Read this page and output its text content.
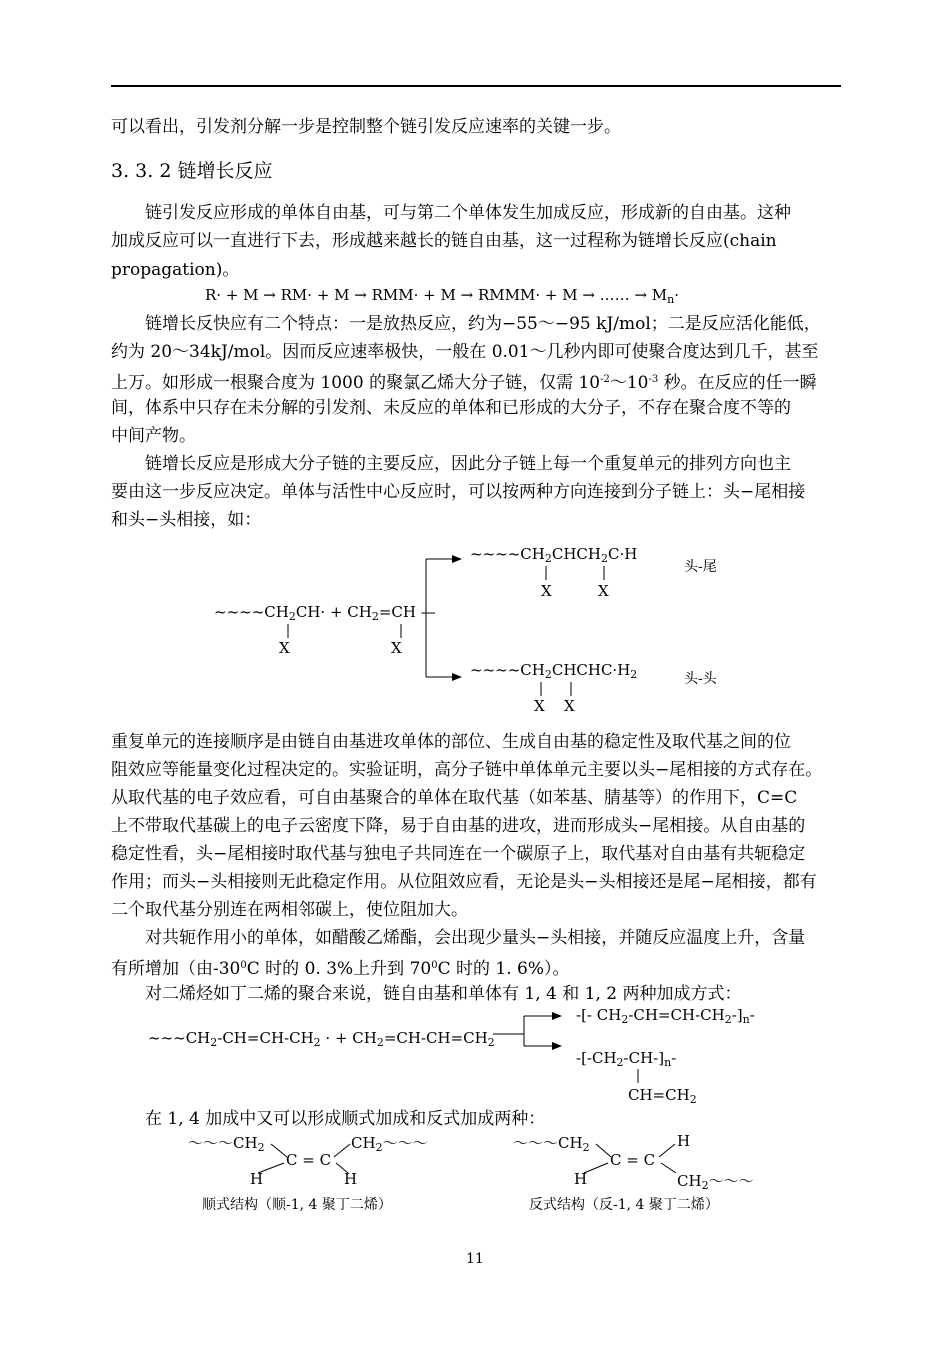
可以看出，引发剂分解一步是控制整个链引发反应速率的关键一步。
3. 3. 2 链增长反应
　　链引发反应形成的单体自由基，可与第二个单体发生加成反应，形成新的自由基。这种
加成反应可以一直进行下去，形成越来越长的链自由基，这一过程称为链增长反应(chain
propagation)。
R· + M → RM· + M → RMM· + M → RMMM· + M → …… → $M_n\cdot$
　　链增长反快应有二个特点：一是放热反应，约为−55～−95 kJ/mol；二是反应活化能低，
约为 20～34kJ/mol。因而反应速率极快，一般在 0.01～几秒内即可使聚合度达到几千，甚至
上万。如形成一根聚合度为 1000 的聚氯乙烯大分子链，仅需 $10^{-2}\sim 10^{-3}$ 秒。在反应的任一瞬
间，体系中只存在未分解的引发剂、未反应的单体和已形成的大分子，不存在聚合度不等的
中间产物。
　　链增长反应是形成大分子链的主要反应，因此分子链上每一个重复单元的排列方向也主
要由这一步反应决定。单体与活性中心反应时，可以按两种方向连接到分子链上：头−尾相接
和头−头相接，如：
$\sim\sim\sim\sim CH_2CHCH_2C\cdot H$
X	X
头-尾
$\sim\sim\sim\sim CH_2CH\cdot + CH_2=CH$ —
X	X
$\sim\sim\sim\sim CH_2CHCHC\cdot H_2$
X X
头-头
重复单元的连接顺序是由链自由基进攻单体的部位、生成自由基的稳定性及取代基之间的位
阻效应等能量变化过程决定的。实验证明，高分子链中单体单元主要以头−尾相接的方式存在。
从取代基的电子效应看，可自由基聚合的单体在取代基（如苯基、腈基等）的作用下，C=C
上不带取代基碳上的电子云密度下降，易于自由基的进攻，进而形成头−尾相接。从自由基的
稳定性看，头−尾相接时取代基与独电子共同连在一个碳原子上，取代基对自由基有共轭稳定
作用；而头−头相接则无此稳定作用。从位阻效应看，无论是头−头相接还是尾−尾相接，都有
二个取代基分别连在两相邻碳上，使位阻加大。
　　对共轭作用小的单体，如醋酸乙烯酯，会出现少量头−头相接，并随反应温度上升，含量
有所增加（由$-30^0C$ 时的 0. 3%上升到 $70^0C$ 时的 1. 6%）。
　　对二烯烃如丁二烯的聚合来说，链自由基和单体有 1, 4 和 1, 2 两种加成方式：
-[- $CH_2-CH=CH-CH_2-]_n-$
$\sim\sim\sim CH_2-CH=CH-CH_2$ · + $CH_2=CH-CH=CH_2$
$-[-CH_2-CH-]_n-$
$CH=CH_2$
　　在 1, 4 加成中又可以形成顺式加成和反式加成两种：
$\sim\sim\sim CH_2$	$CH_2\sim\sim\sim$
C = C
H	H
顺式结构（顺-1, 4 聚丁二烯）
$\sim\sim\sim CH_2$	H
C = C
H	$CH_2\sim\sim\sim$
反式结构（反-1, 4 聚丁二烯）
11
